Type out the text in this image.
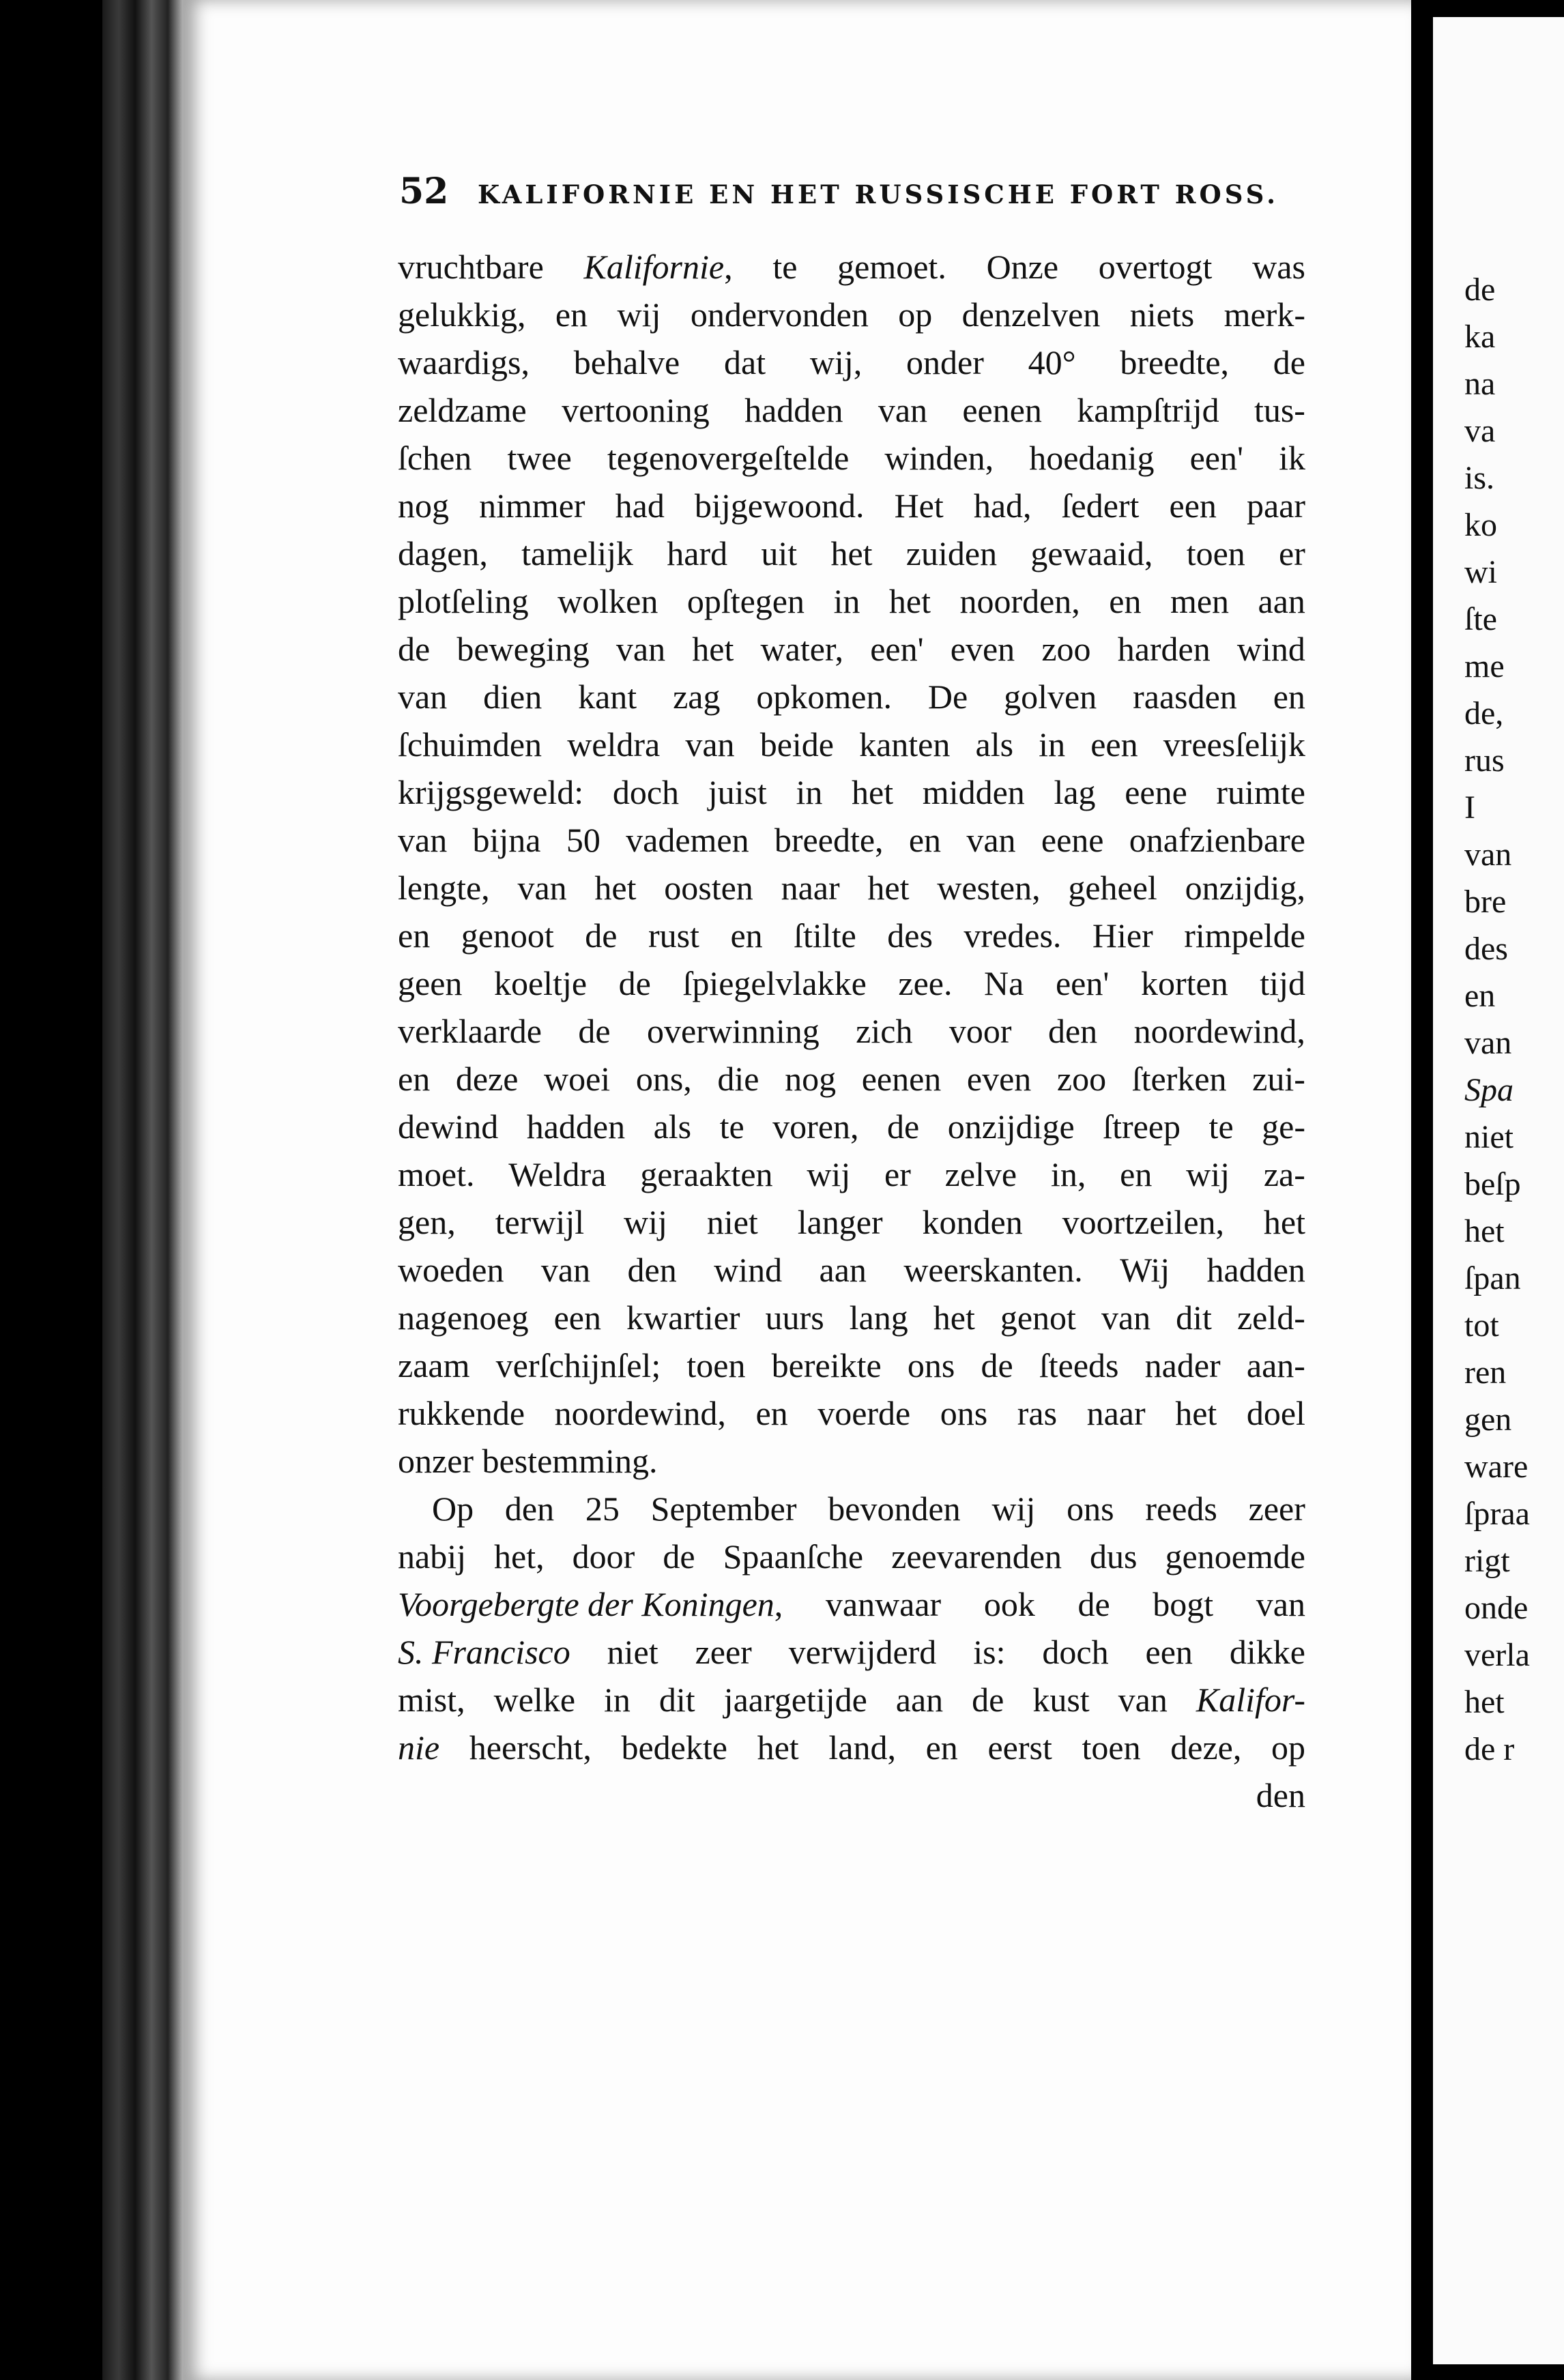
52	KALIFORNIE EN HET RUSSISCHE FORT ROSS.
vruchtbare Kalifornie, te gemoet. Onze overtogt was
gelukkig, en wij ondervonden op denzelven niets merk-
waardigs, behalve dat wij, onder 40° breedte, de
zeldzame vertooning hadden van eenen kampſtrijd tus-
ſchen twee tegenovergeſtelde winden, hoedanig een' ik
nog nimmer had bijgewoond. Het had, ſedert een paar
dagen, tamelijk hard uit het zuiden gewaaid, toen er
plotſeling wolken opſtegen in het noorden, en men aan
de beweging van het water, een' even zoo harden wind
van dien kant zag opkomen. De golven raasden en
ſchuimden weldra van beide kanten als in een vreesſelijk
krijgsgeweld: doch juist in het midden lag eene ruimte
van bijna 50 vademen breedte, en van eene onafzienbare
lengte, van het oosten naar het westen, geheel onzijdig,
en genoot de rust en ſtilte des vredes. Hier rimpelde
geen koeltje de ſpiegelvlakke zee. Na een' korten tijd
verklaarde de overwinning zich voor den noordewind,
en deze woei ons, die nog eenen even zoo ſterken zui-
dewind hadden als te voren, de onzijdige ſtreep te ge-
moet. Weldra geraakten wij er zelve in, en wij za-
gen, terwijl wij niet langer konden voortzeilen, het
woeden van den wind aan weerskanten. Wij hadden
nagenoeg een kwartier uurs lang het genot van dit zeld-
zaam verſchijnſel; toen bereikte ons de ſteeds nader aan-
rukkende noordewind, en voerde ons ras naar het doel
onzer bestemming.
Op den 25 September bevonden wij ons reeds zeer
nabij het, door de Spaanſche zeevarenden dus genoemde
Voorgebergte der Koningen, vanwaar ook de bogt van
S. Francisco niet zeer verwijderd is: doch een dikke
mist, welke in dit jaargetijde aan de kust van Kalifor-
nie heerscht, bedekte het land, en eerst toen deze, op
den
de
ka
na
va
is.
ko
wi
ſte
me
de,
rus
I
van
bre
des
en
van
Spa
niet
beſp
het
ſpan
tot
ren
gen
ware
ſpraa
rigt
onde
verla
het
de r
